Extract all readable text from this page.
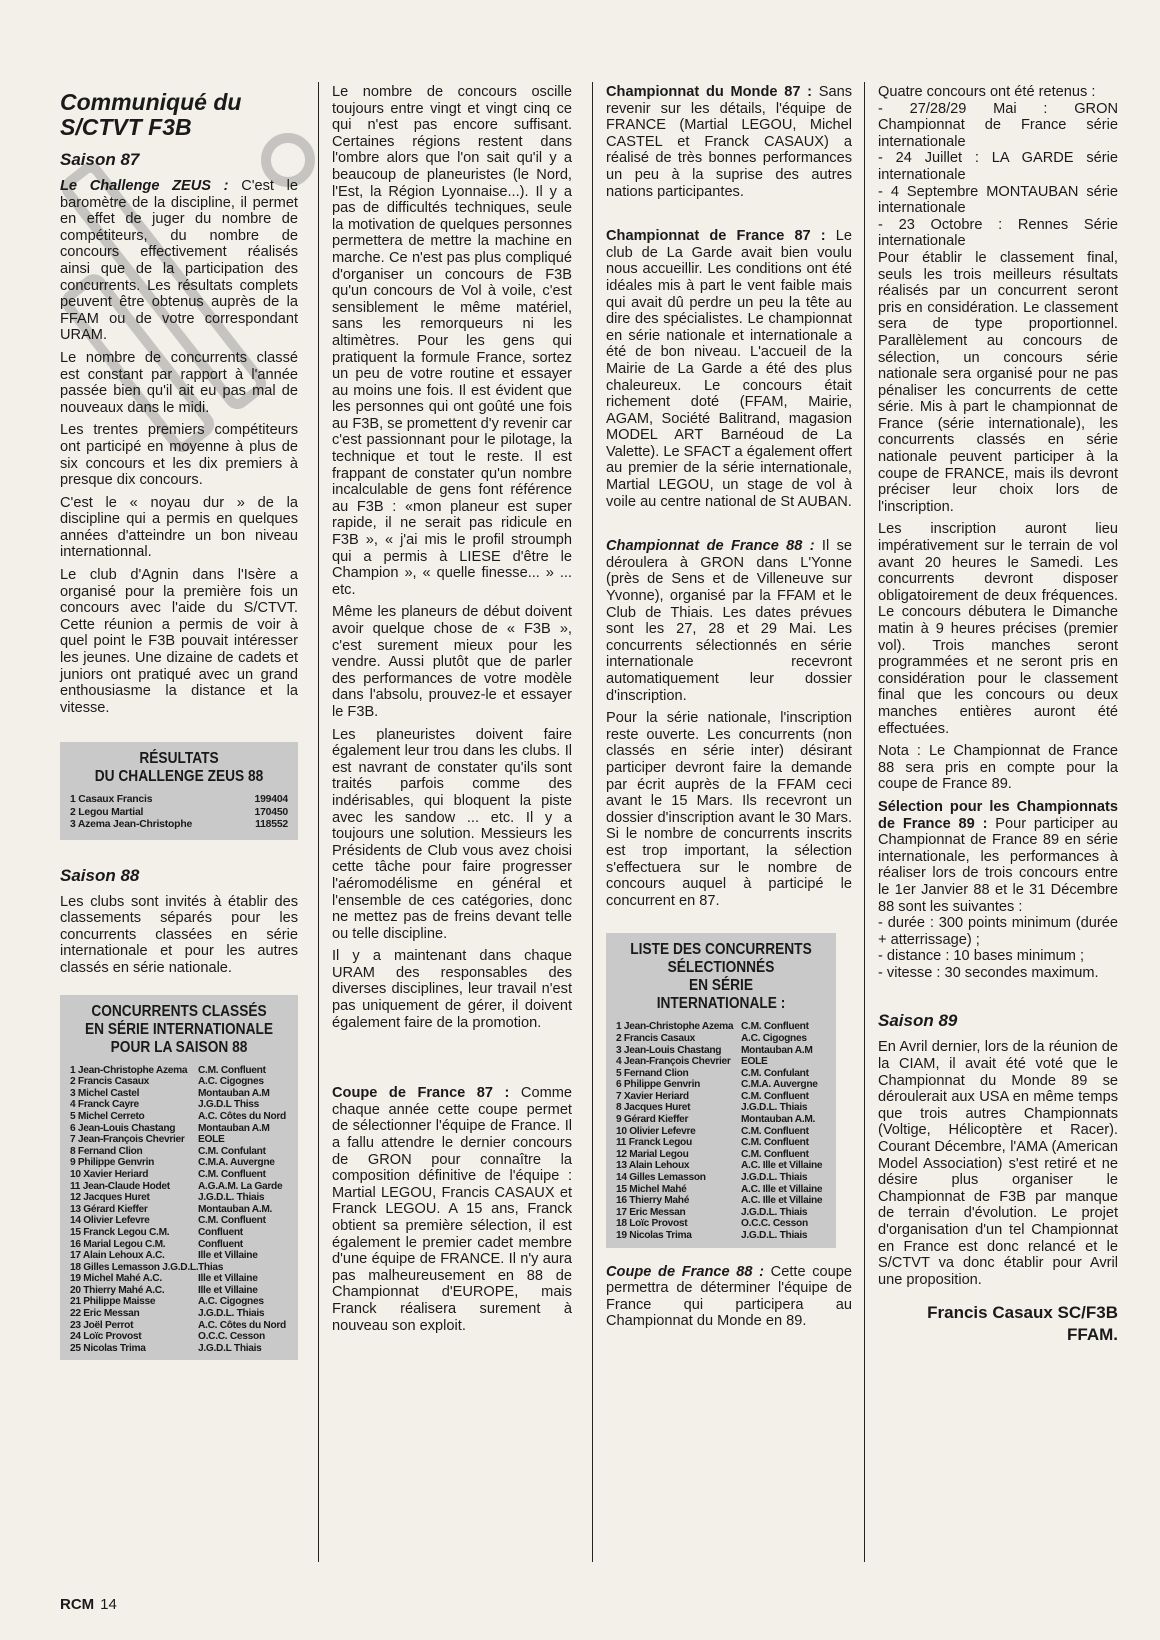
Communiqué du
S/CTVT F3B
Saison 87

Le Challenge ZEUS : C'est le baromètre de la discipline, il permet en effet de juger du nombre de compétiteurs, du nombre de concours effectivement réalisés ainsi que de la participation des concurrents. Les résultats complets peuvent être obtenus auprès de la FFAM ou de votre correspondant URAM.

Le nombre de concurrents classé est constant par rapport à l'année passée bien qu'il ait eu pas mal de nouveaux dans le midi.

Les trentes premiers compétiteurs ont participé en moyenne à plus de six concours et les dix premiers à presque dix concours.

C'est le « noyau dur » de la discipline qui a permis en quelques années d'atteindre un bon niveau internationnal.

Le club d'Agnin dans l'Isère a organisé pour la première fois un concours avec l'aide du S/CTVT. Cette réunion a permis de voir à quel point le F3B pouvait intéresser les jeunes. Une dizaine de cadets et juniors ont pratiqué avec un grand enthousiasme la distance et la vitesse.

RÉSULTATS
DU CHALLENGE ZEUS 88
1 Casaux Francis	199404
2 Legou Martial	170450
3 Azema Jean-Christophe	118552
Saison 88

Les clubs sont invités à établir des classements séparés pour les concurrents classées en série internationale et pour les autres classés en série nationale.

CONCURRENTS CLASSÉS
EN SÉRIE INTERNATIONALE
POUR LA SAISON 88
1 Jean-Christophe Azema	C.M. Confluent
2 Francis Casaux	A.C. Cigognes
3 Michel Castel	Montauban A.M
4 Franck Cayre	J.G.D.L Thiss
5 Michel Cerreto	A.C. Côtes du Nord
6 Jean-Louis Chastang	Montauban A.M
7 Jean-François Chevrier	EOLE
8 Fernand Clion	C.M. Confulant
9 Philippe Genvrin	C.M.A. Auvergne
10 Xavier Heriard	C.M. Confluent
11 Jean-Claude Hodet	A.G.A.M. La Garde
12 Jacques Huret	J.G.D.L. Thiais
13 Gérard Kieffer	Montauban A.M.
14 Olivier Lefevre	C.M. Confluent
15 Franck Legou C.M.	Confluent
16 Marial Legou C.M.	Confluent
17 Alain Lehoux A.C.	Ille et Villaine
18 Gilles Lemasson J.G.D.L. Thias
19 Michel Mahé A.C.	Ille et Villaine
20 Thierry Mahé A.C.	Ille et Villaine
21 Philippe Maisse	A.C. Cigognes
22 Eric Messan	J.G.D.L. Thiais
23 Joël Perrot	A.C. Côtes du Nord
24 Loïc Provost	O.C.C. Cesson
25 Nicolas Trima	J.G.D.L Thiais

Le nombre de concours oscille toujours entre vingt et vingt cinq ce qui n'est pas encore suffisant. Certaines régions restent dans l'ombre alors que l'on sait qu'il y a beaucoup de planeuristes (le Nord, l'Est, la Région Lyonnaise...). Il y a pas de difficultés techniques, seule la motivation de quelques personnes permettera de mettre la machine en marche. Ce n'est pas plus compliqué d'organiser un concours de F3B qu'un concours de Vol à voile, c'est sensiblement le même matériel, sans les remorqueurs ni les altimètres. Pour les gens qui pratiquent la formule France, sortez un peu de votre routine et essayer au moins une fois. Il est évident que les personnes qui ont goûté une fois au F3B, se promettent d'y revenir car c'est passionnant pour le pilotage, la technique et tout le reste. Il est frappant de constater qu'un nombre incalculable de gens font référence au F3B : «mon planeur est super rapide, il ne serait pas ridicule en F3B », « j'ai mis le profil stroumph qui a permis à LIESE d'être le Champion », « quelle finesse... » ... etc.

Même les planeurs de début doivent avoir quelque chose de « F3B », c'est surement mieux pour les vendre. Aussi plutôt que de parler des performances de votre modèle dans l'absolu, prouvez-le et essayer le F3B.

Les planeuristes doivent faire également leur trou dans les clubs. Il est navrant de constater qu'ils sont traités parfois comme des indérisables, qui bloquent la piste avec les sandow ... etc. Il y a toujours une solution. Messieurs les Présidents de Club vous avez choisi cette tâche pour faire progresser l'aéromodélisme en général et l'ensemble de ces catégories, donc ne mettez pas de freins devant telle ou telle discipline.

Il y a maintenant dans chaque URAM des responsables des diverses disciplines, leur travail n'est pas uniquement de gérer, il doivent également faire de la promotion.

Coupe de France 87 : Comme chaque année cette coupe permet de sélectionner l'équipe de France. Il a fallu attendre le dernier concours de GRON pour connaître la composition définitive de l'équipe : Martial LEGOU, Francis CASAUX et Franck LEGOU. A 15 ans, Franck obtient sa première sélection, il est également le premier cadet membre d'une équipe de FRANCE. Il n'y aura pas malheureusement en 88 de Championnat d'EUROPE, mais Franck réalisera surement à nouveau son exploit.

Championnat du Monde 87 : Sans revenir sur les détails, l'équipe de FRANCE (Martial LEGOU, Michel CASTEL et Franck CASAUX) a réalisé de très bonnes performances un peu à la suprise des autres nations participantes.

Championnat de France 87 : Le club de La Garde avait bien voulu nous accueillir. Les conditions ont été idéales mis à part le vent faible mais qui avait dû perdre un peu la tête au dire des spécialistes. Le championnat en série nationale et internationale a été de bon niveau. L'accueil de la Mairie de La Garde a été des plus chaleureux. Le concours était richement doté (FFAM, Mairie, AGAM, Société Balitrand, magasion MODEL ART Barnéoud de La Valette). Le SFACT a également offert au premier de la série internationale, Martial LEGOU, un stage de vol à voile au centre national de St AUBAN.

Championnat de France 88 : Il se déroulera à GRON dans L'Yonne (près de Sens et de Villeneuve sur Yvonne), organisé par la FFAM et le Club de Thiais. Les dates prévues sont les 27, 28 et 29 Mai. Les concurrents sélectionnés en série internationale recevront automatiquement leur dossier d'inscription.

Pour la série nationale, l'inscription reste ouverte. Les concurrents (non classés en série inter) désirant participer devront faire la demande par écrit auprès de la FFAM ceci avant le 15 Mars. Ils recevront un dossier d'inscription avant le 30 Mars. Si le nombre de concurrents inscrits est trop important, la sélection s'effectuera sur le nombre de concours auquel à participé le concurrent en 87.

LISTE DES CONCURRENTS
SÉLECTIONNÉS
EN SÉRIE INTERNATIONALE :
1 Jean-Christophe Azema C.M. Confluent
2 Francis Casaux	A.C. Cigognes
3 Jean-Louis Chastang	Montauban A.M
4 Jean-François Chevrier	EOLE
5 Fernand Clion	C.M. Confulant
6 Philippe Genvrin	C.M.A. Auvergne
7 Xavier Heriard	C.M. Confluent
8 Jacques Huret	J.G.D.L. Thiais
9 Gérard Kieffer	Montauban A.M.
10 Olivier Lefevre	C.M. Confluent
11 Franck Legou	C.M. Confluent
12 Marial Legou	C.M. Confluent
13 Alain Lehoux	A.C. Ille et Villaine
14 Gilles Lemasson	J.G.D.L. Thiais
15 Michel Mahé	A.C. Ille et Villaine
16 Thierry Mahé	A.C. Ille et Villaine
17 Eric Messan	J.G.D.L. Thiais
18 Loïc Provost	O.C.C. Cesson
19 Nicolas Trima	J.G.D.L. Thiais

Coupe de France 88 : Cette coupe permettra de déterminer l'équipe de France qui participera au Championnat du Monde en 89.

Quatre concours ont été retenus :

- 27/28/29 Mai : GRON Championnat de France série internationale

- 24 Juillet : LA GARDE série internationale

- 4 Septembre MONTAUBAN série internationale

- 23 Octobre : Rennes Série internationale

Pour établir le classement final, seuls les trois meilleurs résultats réalisés par un concurrent seront pris en considération. Le classement sera de type proportionnel. Parallèlement au concours de sélection, un concours série nationale sera organisé pour ne pas pénaliser les concurrents de cette série. Mis à part le championnat de France (série internationale), les concurrents classés en série nationale peuvent participer à la coupe de FRANCE, mais ils devront préciser leur choix lors de l'inscription.

Les inscription auront lieu impérativement sur le terrain de vol avant 20 heures le Samedi. Les concurrents devront disposer obligatoirement de deux fréquences. Le concours débutera le Dimanche matin à 9 heures précises (premier vol). Trois manches seront programmées et ne seront pris en considération pour le classement final que les concours ou deux manches entières auront été effectuées.

Nota : Le Championnat de France 88 sera pris en compte pour la coupe de France 89.

Sélection pour les Championnats de France 89 : Pour participer au Championnat de France 89 en série internationale, les performances à réaliser lors de trois concours entre le 1er Janvier 88 et le 31 Décembre 88 sont les suivantes :

- durée : 300 points minimum (durée + atterrissage) ;

- distance : 10 bases minimum ;

- vitesse : 30 secondes maximum.

Saison 89

En Avril dernier, lors de la réunion de la CIAM, il avait été voté que le Championnat du Monde 89 se déroulerait aux USA en même temps que trois autres Championnats (Voltige, Hélicoptère et Racer). Courant Décembre, l'AMA (American Model Association) s'est retiré et ne désire plus organiser le Championnat de F3B par manque de terrain d'évolution. Le projet d'organisation d'un tel Championnat en France est donc relancé et le S/CTVT va donc établir pour Avril une proposition.

Francis Casaux SC/F3B
FFAM.
RCM 14
